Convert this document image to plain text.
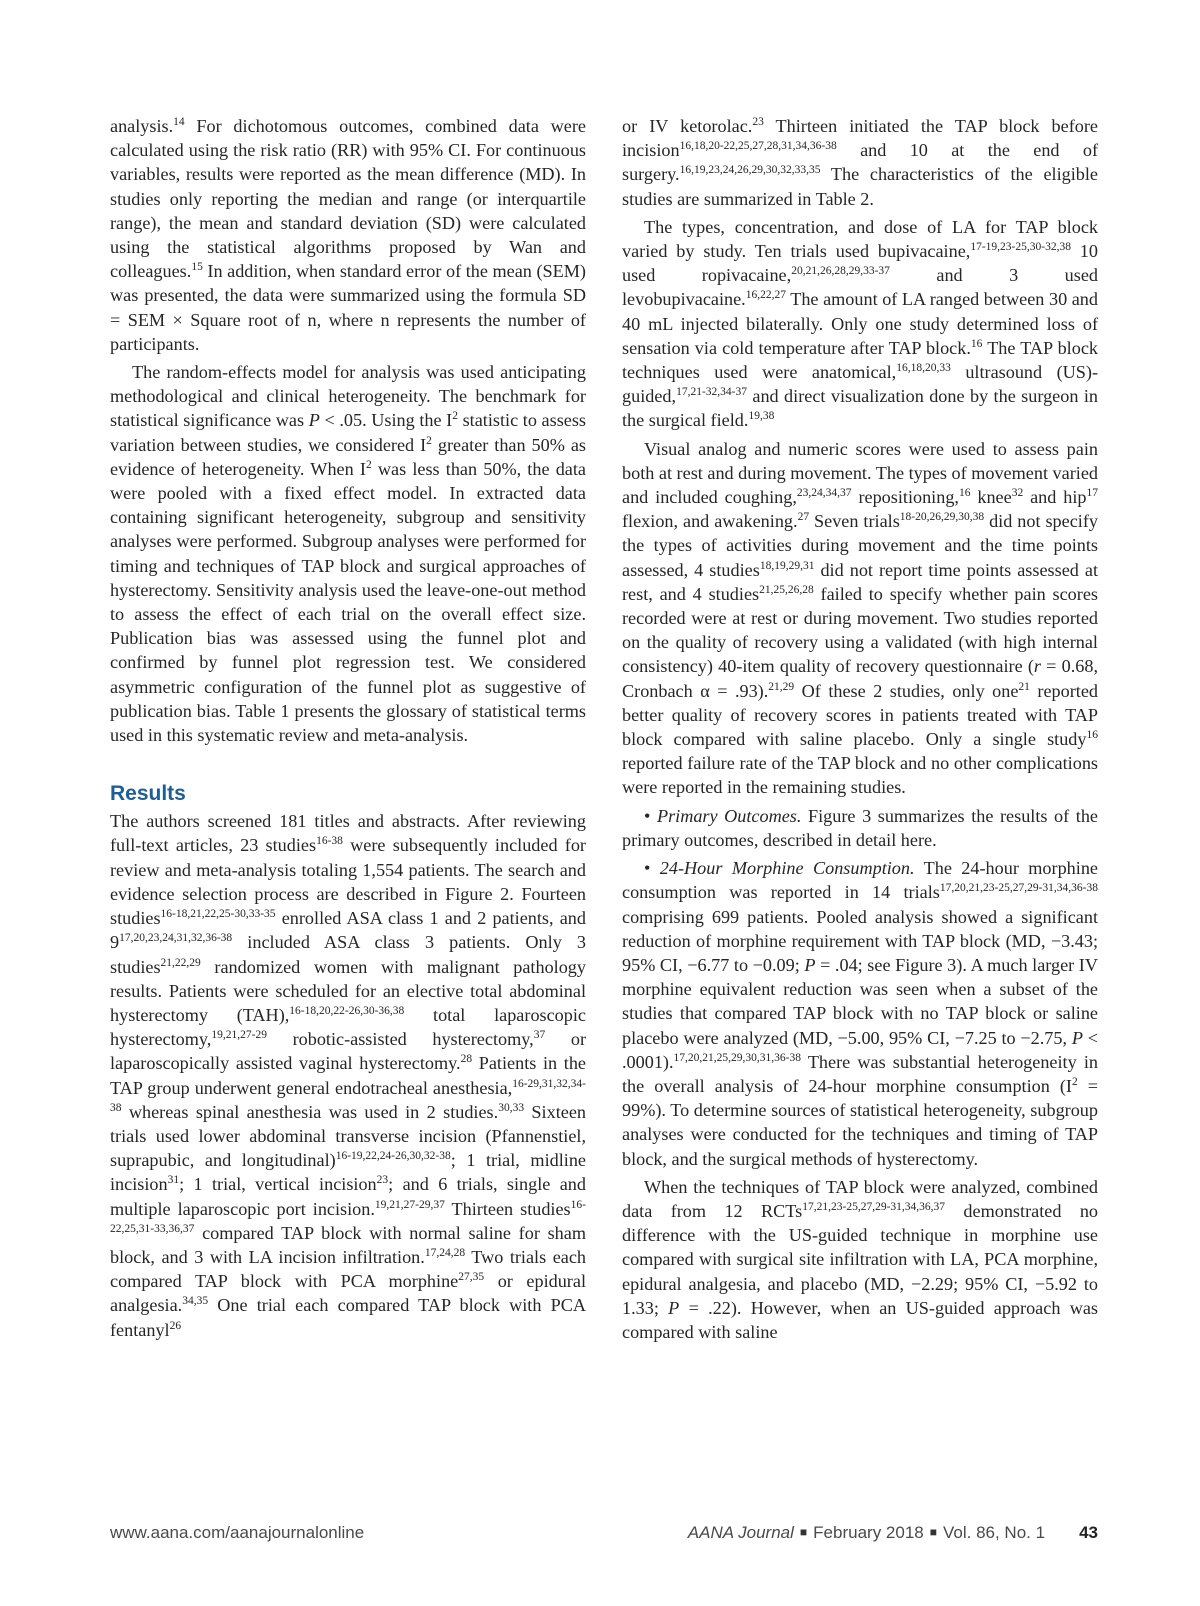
analysis.$^{14}$ For dichotomous outcomes, combined data were calculated using the risk ratio (RR) with 95% CI. For continuous variables, results were reported as the mean difference (MD). In studies only reporting the median and range (or interquartile range), the mean and standard deviation (SD) were calculated using the statistical algorithms proposed by Wan and colleagues.$^{15}$ In addition, when standard error of the mean (SEM) was presented, the data were summarized using the formula SD = SEM × Square root of n, where n represents the number of participants.

The random-effects model for analysis was used anticipating methodological and clinical heterogeneity. The benchmark for statistical significance was P < .05. Using the $I^2$ statistic to assess variation between studies, we considered $I^2$ greater than 50% as evidence of heterogeneity. When $I^2$ was less than 50%, the data were pooled with a fixed effect model. In extracted data containing significant heterogeneity, subgroup and sensitivity analyses were performed. Subgroup analyses were performed for timing and techniques of TAP block and surgical approaches of hysterectomy. Sensitivity analysis used the leave-one-out method to assess the effect of each trial on the overall effect size. Publication bias was assessed using the funnel plot and confirmed by funnel plot regression test. We considered asymmetric configuration of the funnel plot as suggestive of publication bias. Table 1 presents the glossary of statistical terms used in this systematic review and meta-analysis.

Results

The authors screened 181 titles and abstracts. After reviewing full-text articles, 23 studies$^{16-38}$ were subsequently included for review and meta-analysis totaling 1,554 patients. The search and evidence selection process are described in Figure 2. Fourteen studies$^{16-18,21,22,25-30,33-35}$ enrolled ASA class 1 and 2 patients, and 9$^{17,20,23,24,31,32,36-38}$ included ASA class 3 patients. Only 3 studies$^{21,22,29}$ randomized women with malignant pathology results. Patients were scheduled for an elective total abdominal hysterectomy (TAH),$^{16-18,20,22-26,30-36,38}$ total laparoscopic hysterectomy,$^{19,21,27-29}$ robotic-assisted hysterectomy,$^{37}$ or laparoscopically assisted vaginal hysterectomy.$^{28}$ Patients in the TAP group underwent general endotracheal anesthesia,$^{16-29,31,32,34-38}$ whereas spinal anesthesia was used in 2 studies.$^{30,33}$ Sixteen trials used lower abdominal transverse incision (Pfannenstiel, suprapubic, and longitudinal)$^{16-19,22,24-26,30,32-38}$; 1 trial, midline incision$^{31}$; 1 trial, vertical incision$^{23}$; and 6 trials, single and multiple laparoscopic port incision.$^{19,21,27-29,37}$ Thirteen studies$^{16-22,25,31-33,36,37}$ compared TAP block with normal saline for sham block, and 3 with LA incision infiltration.$^{17,24,28}$ Two trials each compared TAP block with PCA morphine$^{27,35}$ or epidural analgesia.$^{34,35}$ One trial each compared TAP block with PCA fentanyl$^{26}$

or IV ketorolac.$^{23}$ Thirteen initiated the TAP block before incision$^{16,18,20-22,25,27,28,31,34,36-38}$ and 10 at the end of surgery.$^{16,19,23,24,26,29,30,32,33,35}$ The characteristics of the eligible studies are summarized in Table 2.

The types, concentration, and dose of LA for TAP block varied by study. Ten trials used bupivacaine,$^{17-19,23-25,30-32,38}$ 10 used ropivacaine,$^{20,21,26,28,29,33-37}$ and 3 used levobupivacaine.$^{16,22,27}$ The amount of LA ranged between 30 and 40 mL injected bilaterally. Only one study determined loss of sensation via cold temperature after TAP block.$^{16}$ The TAP block techniques used were anatomical,$^{16,18,20,33}$ ultrasound (US)-guided,$^{17,21-32,34-37}$ and direct visualization done by the surgeon in the surgical field.$^{19,38}$

Visual analog and numeric scores were used to assess pain both at rest and during movement. The types of movement varied and included coughing,$^{23,24,34,37}$ repositioning,$^{16}$ knee$^{32}$ and hip$^{17}$ flexion, and awakening.$^{27}$ Seven trials$^{18-20,26,29,30,38}$ did not specify the types of activities during movement and the time points assessed, 4 studies$^{18,19,29,31}$ did not report time points assessed at rest, and 4 studies$^{21,25,26,28}$ failed to specify whether pain scores recorded were at rest or during movement. Two studies reported on the quality of recovery using a validated (with high internal consistency) 40-item quality of recovery questionnaire (r = 0.68, Cronbach α = .93).$^{21,29}$ Of these 2 studies, only one$^{21}$ reported better quality of recovery scores in patients treated with TAP block compared with saline placebo. Only a single study$^{16}$ reported failure rate of the TAP block and no other complications were reported in the remaining studies.

• Primary Outcomes. Figure 3 summarizes the results of the primary outcomes, described in detail here.

• 24-Hour Morphine Consumption. The 24-hour morphine consumption was reported in 14 trials$^{17,20,21,23-25,27,29-31,34,36-38}$ comprising 699 patients. Pooled analysis showed a significant reduction of morphine requirement with TAP block (MD, −3.43; 95% CI, −6.77 to −0.09; P = .04; see Figure 3). A much larger IV morphine equivalent reduction was seen when a subset of the studies that compared TAP block with no TAP block or saline placebo were analyzed (MD, −5.00, 95% CI, −7.25 to −2.75, P < .0001).$^{17,20,21,25,29,30,31,36-38}$ There was substantial heterogeneity in the overall analysis of 24-hour morphine consumption $(I^2 = 99\%)$. To determine sources of statistical heterogeneity, subgroup analyses were conducted for the techniques and timing of TAP block, and the surgical methods of hysterectomy.

When the techniques of TAP block were analyzed, combined data from 12 RCTs$^{17,21,23-25,27,29-31,34,36,37}$ demonstrated no difference with the US-guided technique in morphine use compared with surgical site infiltration with LA, PCA morphine, epidural analgesia, and placebo (MD, −2.29; 95% CI, −5.92 to 1.33; P = .22). However, when an US-guided approach was compared with saline

www.aana.com/aanajournalonline	AANA Journal ■ February 2018 ■ Vol. 86, No. 1 43
